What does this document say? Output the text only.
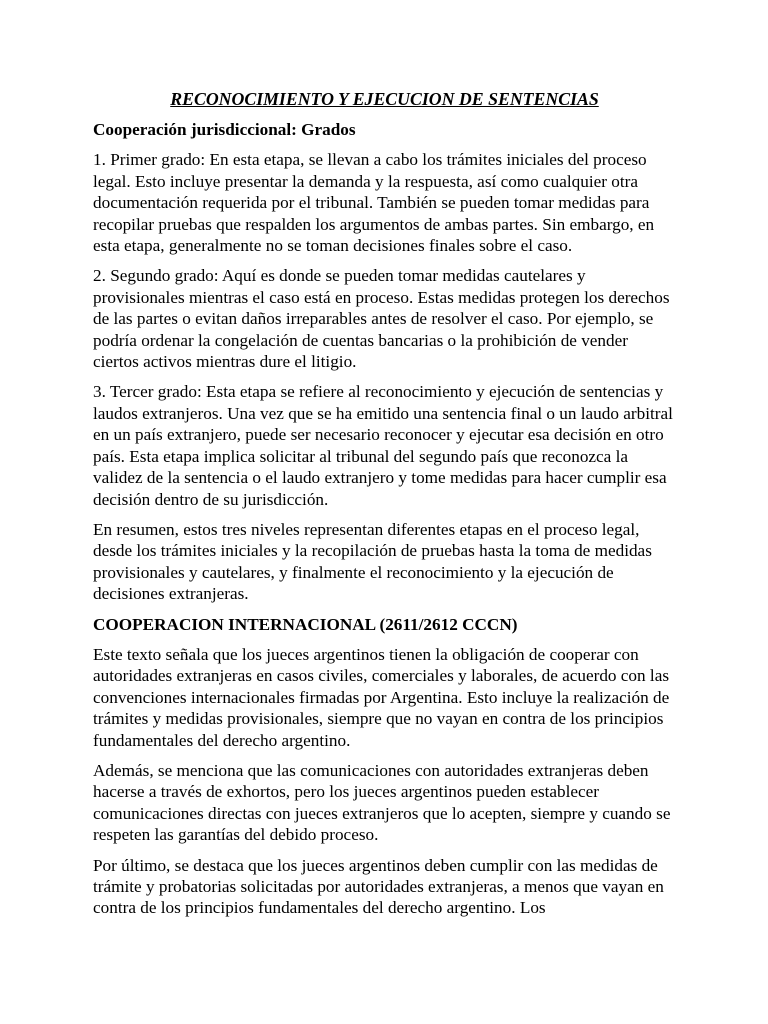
RECONOCIMIENTO Y EJECUCION DE SENTENCIAS
Cooperación jurisdiccional: Grados

1. Primer grado: En esta etapa, se llevan a cabo los trámites iniciales del proceso legal. Esto incluye presentar la demanda y la respuesta, así como cualquier otra documentación requerida por el tribunal. También se pueden tomar medidas para recopilar pruebas que respalden los argumentos de ambas partes. Sin embargo, en esta etapa, generalmente no se toman decisiones finales sobre el caso.

2. Segundo grado: Aquí es donde se pueden tomar medidas cautelares y provisionales mientras el caso está en proceso. Estas medidas protegen los derechos de las partes o evitan daños irreparables antes de resolver el caso. Por ejemplo, se podría ordenar la congelación de cuentas bancarias o la prohibición de vender ciertos activos mientras dure el litigio.

3. Tercer grado: Esta etapa se refiere al reconocimiento y ejecución de sentencias y laudos extranjeros. Una vez que se ha emitido una sentencia final o un laudo arbitral en un país extranjero, puede ser necesario reconocer y ejecutar esa decisión en otro país. Esta etapa implica solicitar al tribunal del segundo país que reconozca la validez de la sentencia o el laudo extranjero y tome medidas para hacer cumplir esa decisión dentro de su jurisdicción.

En resumen, estos tres niveles representan diferentes etapas en el proceso legal, desde los trámites iniciales y la recopilación de pruebas hasta la toma de medidas provisionales y cautelares, y finalmente el reconocimiento y la ejecución de decisiones extranjeras.

COOPERACION INTERNACIONAL (2611/2612 CCCN)

Este texto señala que los jueces argentinos tienen la obligación de cooperar con autoridades extranjeras en casos civiles, comerciales y laborales, de acuerdo con las convenciones internacionales firmadas por Argentina. Esto incluye la realización de trámites y medidas provisionales, siempre que no vayan en contra de los principios fundamentales del derecho argentino.

Además, se menciona que las comunicaciones con autoridades extranjeras deben hacerse a través de exhortos, pero los jueces argentinos pueden establecer comunicaciones directas con jueces extranjeros que lo acepten, siempre y cuando se respeten las garantías del debido proceso.

Por último, se destaca que los jueces argentinos deben cumplir con las medidas de trámite y probatorias solicitadas por autoridades extranjeras, a menos que vayan en contra de los principios fundamentales del derecho argentino. Los
